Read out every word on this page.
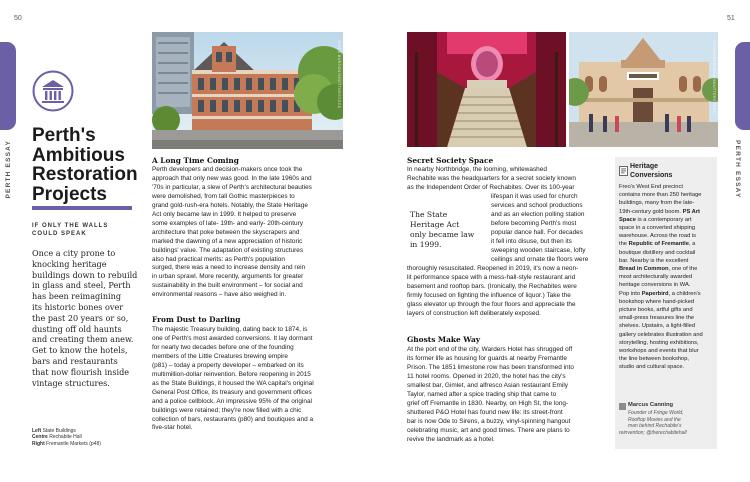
50	51
PERTH ESSAY	PERTH ESSAY
Perth's
Ambitious
Restoration
Projects
IF ONLY THE WALLS
COULD SPEAK
Once a city prone to
knocking heritage
buildings down to rebuild
in glass and steel, Perth
has been reimagining
its historic bones over
the past 20 years or so,
dusting off old haunts
and creating them anew.
Get to know the hotels,
bars and restaurants
that now flourish inside
vintage structures.
Left State Buildings
Centre Rechabite Hall
Right Fremantle Markets (p48)
JESSE BURTON/SHUTTERSTOCK	STEPHENLENMAN/SHUTTERSTOCK
A Long Time Coming
Perth developers and decision-makers once took the
approach that only new was good. In the late 1960s and
'70s in particular, a slew of Perth's architectural beauties
were demolished, from tall Gothic masterpieces to
grand gold-rush-era hotels. Notably, the State Heritage
Act only became law in 1999. It helped to preserve
some examples of late- 19th- and early- 20th-century
architecture that poke between the skyscrapers and
marked the dawning of a new appreciation of historic
buildings' value. The adaptation of existing structures
also had practical merits: as Perth's population
surged, there was a need to increase density and rein
in urban sprawl. More recently, arguments for greater
sustainability in the built environment – for social and
environmental reasons – have also weighed in.
From Dust to Darling
The majestic Treasury building, dating back to 1874, is
one of Perth's most awarded conversions. It lay dormant
for nearly two decades before one of the founding
members of the Little Creatures brewing empire
(p81) – today a property developer – embarked on its
multimillion-dollar reinvention. Before reopening in 2015
as the State Buildings, it housed the WA capital's original
General Post Office, its treasury and government offices
and a police cellblock. An impressive 95% of the original
buildings were retained; they're now filled with a chic
collection of bars, restaurants (p80) and boutiques and a
five-star hotel.
Secret Society Space
In nearby Northbridge, the looming, whitewashed
Rechabite was the headquarters for a secret society known
as the Independent Order of Rechabites. Over its 100-year
lifespan it was used for church
services and school productions
and as an election polling station
before becoming Perth's most
popular dance hall. For decades
it fell into disuse, but then its
sweeping wooden staircase, lofty
ceilings and ornate tile floors were
The State
Heritage Act
only became law
in 1999.
thoroughly resuscitated. Reopened in 2019, it's now a neon-
lit performance space with a mess-hall-style restaurant and
basement and rooftop bars. (Ironically, the Rechabites were
firmly focused on fighting the influence of liquor.) Take the
glass elevator up through the four floors and appreciate the
layers of construction left deliberately exposed.
Ghosts Make Way
At the port end of the city, Warders Hotel has shrugged off
its former life as housing for guards at nearby Fremantle
Prison. The 1851 limestone row has been transformed into
11 hotel rooms. Opened in 2020, the hotel has the city's
smallest bar, Gimlet, and alfresco Asian restaurant Emily
Taylor, named after a spice trading ship that came to
grief off Fremantle in 1830. Nearby, on High St, the long-
shuttered P&O Hotel has found new life: its street-front
bar is now Ode to Sirens, a buzzy, vinyl-spinning hangout
celebrating music, art and good times. There are plans to
revive the landmark as a hotel.
Heritage
Conversions
Freo's West End precinct
contains more than 250 heritage
buildings, many from the late-
19th-century gold boom. PS Art
Space is a contemporary art
space in a converted shipping
warehouse. Across the road is
the Republic of Fremantle, a
boutique distillery and cocktail
bar. Nearby is the excellent
Bread in Common, one of the
most architecturally awarded
heritage conversions in WA.
Pop into Paperbird, a children's
bookshop where hand-picked
picture books, artful gifts and
small-press treasures line the
shelves. Upstairs, a light-filled
gallery celebrates illustration and
storytelling, hosting exhibitions,
workshops and events that blur
the line between bookshop,
studio and cultural space.
Marcus Canning
Founder of Fringe World,
Rooftop Movies and the
man behind Rechabite's
reinvention; @therechabitehall
